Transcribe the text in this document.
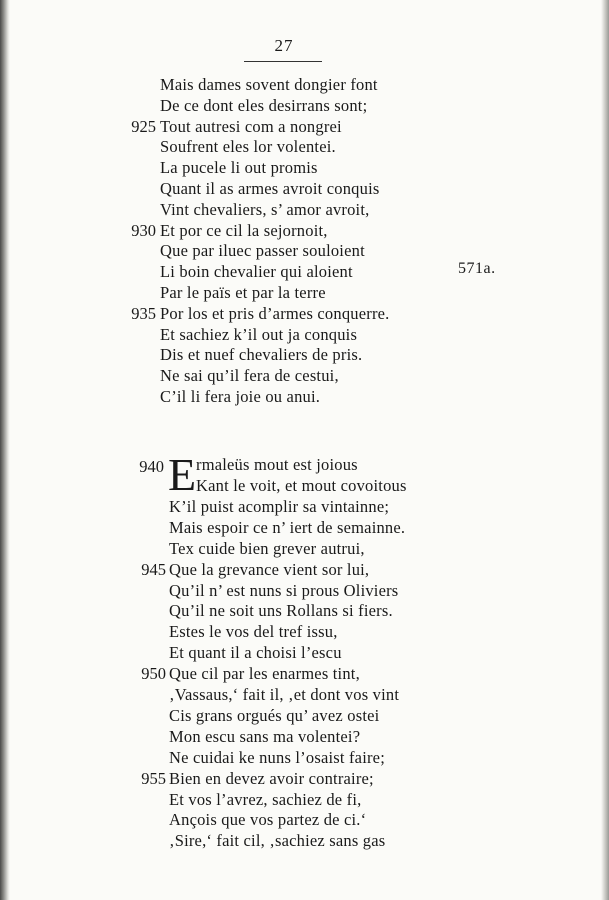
27
Mais dames sovent dongier font
De ce dont eles desirrans sont;
Tout autresi com a nongrei
925
Soufrent eles lor volentei.
La pucele li out promis
Quant il as armes avroit conquis
Vint chevaliers, s’ amor avroit,
Et por ce cil la sejornoit,
930
Que par iluec passer souloient
Li boin chevalier qui aloient
Par le païs et par la terre
Por los et pris d’armes conquerre.
935
Et sachiez k’il out ja conquis
Dis et nuef chevaliers de pris.
Ne sai qu’il fera de cestui,
C’il li fera joie ou anui.
E
940 rmaleüs mout est joious
Kant le voit, et mout covoitous
K’il puist acomplir sa vintainne;
Mais espoir ce n’ iert de semainne.
Tex cuide bien grever autrui,
Que la grevance vient sor lui,
945
Qu’il n’ est nuns si prous Oliviers
Qu’il ne soit uns Rollans si fiers.
Estes le vos del tref issu,
Et quant il a choisi l’escu
Que cil par les enarmes tint,
950
‚Vassaus,‘ fait il, ‚et dont vos vint
Cis grans orgués qu’ avez ostei
Mon escu sans ma volentei?
Ne cuidai ke nuns l’osaist faire;
Bien en devez avoir contraire;
955
Et vos l’avrez, sachiez de fi,
Ançois que vos partez de ci.‘
‚Sire,‘ fait cil, ‚sachiez sans gas
571a.
